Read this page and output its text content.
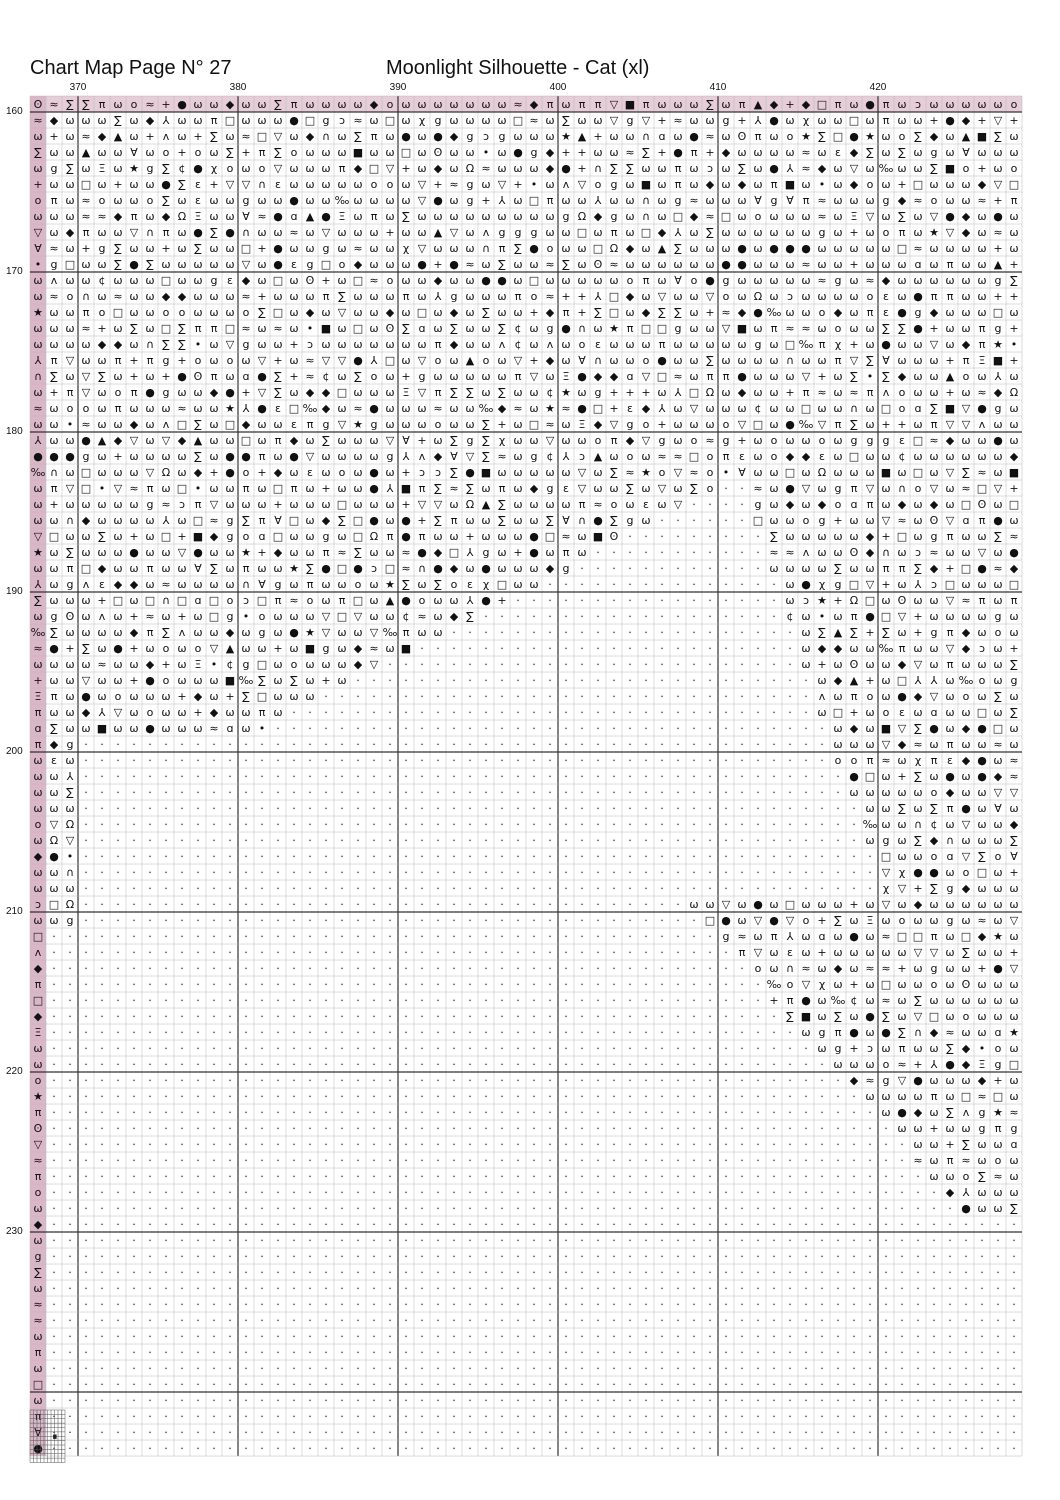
Chart Map Page N° 27	Moonlight Silhouette - Cat (xl)
370	380	390	400	410	420
160
170
180
190
200
210
220
230
ʘ ≈ ∑ ∑ π ω o ≈ + ● ω ω ◆ ω ω ∑ π ω ω ω ω ◆ o ω ω ω ω ω ω ω ≈ ◆ π ω π π ▽ ■ π ω ω ω ∑ ω π ▲ ◆ + ◆ □ π ω ● π ω ↄ ω ω ω ω ω o
≈ ◆ ω ω ω ∑ ω ◆ ⅄ ω ω π □ ω ω ω ● □ g ↄ ≈ ω □ ω χ g ω ω ω ω □ ≈ ω ∑ ω ω ▽ g ▽ + ≈ ω ω g + ⅄ ● ω χ ω ω □ ω π ω ω + ● ◆ + ▽ +
ω + ω ≈ ◆ ▲ ω + ʌ ω + ∑ ω ≈ □ ▽ ω ◆ ∩ ω ∑ π ω ● ω ● ◆ g ↄ g ω ω ω ★ ▲ + ω ω ∩ ɑ ω ● ≈ ω ʘ π ω o ★ ∑ □ ● ★ ω o ∑ ◆ ω ▲ ■ ∑ ω
∑ ω ω ▲ ω ω Ɐ ω o + o ω ∑ + π ∑ o ω ω ω ■ ω ω □ ω ʘ ω ω • ω ● g ◆ + + ω ω ≈ ∑ + ● π + ◆ ω ω ω ω ≈ ω ε ◆ ∑ ω ∑ ω g ω Ɐ ω ω ω
ω g ∑ ω Ξ ω ★ g ∑ ¢ ● χ o ω o ▽ ω ω ω π ◆ □ ▽ + ω ◆ ω Ω ≈ ω ω ω ◆ ● + ∩ ∑ ∑ ω ω π ω ↄ ω ∑ ω ● ⅄ ≈ ◆ ω ▽ ω ‰ ω ω ∑ ■ o + ω o
+ ω ω □ ω + ω ω ● ∑ ε + ▽ ▽ ∩ ε ω ω ω ω ω o o ω ▽ + ≈ g ω ▽ + • ω ʌ ▽ o g ω ■ ω π ω ◆ ω ◆ ω π ■ ω • ω ◆ o ω + □ ω ω ω ◆ ▽ □
o π ω ≈ o ω ω o ∑ ω ε ω ω g ω ω ● ω ω ‰ ω ω ω ω ▽ ● ω g + ⅄ ω □ π ω ω ⅄ ω ω ∩ ω g ≈ ω ω ω Ɐ g Ɐ π ≈ ω ω ω g ◆ ≈ o ω ω ≈ + π
ω ω ω ≈ ≈ ◆ π ω ◆ Ω Ξ ω ω Ɐ ≈ ● ɑ ▲ ● Ξ ω π ω ∑ ω ω ω ω ω ω ω ω ω g Ω ◆ g ω ∩ ω □ ◆ ≈ □ ω o ω ω ω ≈ ω Ξ ▽ ω ∑ ω ▽ ● ◆ ω ● ω
▽ ω ◆ π ω ω ▽ ∩ π ω ● ∑ ● ∩ ω ω ≈ ω ▽ ω ω ω + ω ω ▲ ▽ ω ʌ g g g ω ω □ ω π ω □ ◆ ⅄ ω ∑ ω ω ω ω ω ω g ω + ω o π ω ★ ▽ ◆ ω ≈ ω
Ɐ ≈ ω + g ∑ ω ω + ω ∑ ω ω □ + ● ω ω g ω ≈ ω ω χ ▽ ω ω ω ∩ π ∑ ● o ω ω □ Ω ◆ ω ▲ ∑ ω ω ω ● ω ● ● ● ω ω ω ω ω □ ≈ ω ω ω ω + ω
• g □ ω ω ∑ ● ∑ ω ω ω ω ω ▽ ω ● ε g □ o ◆ ω ω ω ● + ● ≈ ω ∑ ω ω ≈ ∑ ω ʘ ≈ ω ω ω ω ω ω ● ● ω ω ω ≈ ω ω + ω ω ω ɑ ω π ω ω ▲ +
ω ʌ ω ω ¢ ω ω ω □ ω ω g ε ◆ ω □ ω ʘ + ω □ ≈ o ω ω ◆ ω ω ● ● ω □ ω ω ω ω ω o π ω Ɐ o ● g ω ω ω ω ω ≈ g ω ≈ ◆ ω ω ω ω ω ω g ∑
ω ≈ o ∩ ω ≈ ω ω ◆ ◆ ω ω ω ≈ + ω ω ω π ∑ ω ω ω π ω ⅄ g ω ω ω π o ≈ + + ⅄ □ ◆ ω ▽ ω ω ▽ o ω Ω ω ↄ ω ω ω ω o ε ω ● π π ω ω + +
★ ω ω π o □ ω ω o o ω ω ω o ∑ □ ω ◆ ω ▽ ω ω ◆ ω □ ω ◆ ω ∑ ω ω + ◆ π + ∑ □ ω ◆ ∑ ∑ ω + ≈ ◆ ● ‰ ω ω o ◆ ω π ε ● g ◆ ω ω ω □ ω
ω ω ω ≈ + ω ∑ ω □ ∑ π π □ ≈ ω ≈ ω • ■ ω □ ω ʘ ∑ ɑ ω ∑ ω ω ∑ ¢ ω g ● ∩ ω ★ π □ □ g ω ω ▽ ■ ω π ≈ ≈ ω o ω ω ∑ ∑ ● + ω ω π g +
ω ω ω ω ◆ ◆ ω ∩ ∑ ∑ • ω ▽ g ω ω + ↄ ω ω ω ω ω ω ω π ◆ ω ω ʌ ¢ ω ʌ ω o ε ω ω ω π ω ω ω ω ω g ω □ ‰ π χ + ω ● ω ω ▽ ω ◆ π ★ •
⅄ π ▽ ω ω π + π g + o ω o ω ▽ + ω ≈ ▽ ▽ ● ⅄ □ ω ▽ o ω ▲ o ω ▽ + ◆ ω Ɐ ∩ ω ω o ● ω ω ∑ ω ω ω ω ∩ ω ω π ▽ ∑ Ɐ ω ω ω + π Ξ ■ +
∩ ∑ ω ▽ ∑ ω + ω + ● ʘ π ω ɑ ● ∑ + ≈ ¢ ω ∑ o ω + g ω ω ω ω ω π ▽ ω Ξ ● ◆ ◆ ɑ ▽ □ ≈ ω π π ● ω ω ω ▽ + ω ∑ • ∑ ◆ ω ω ▲ o ω ⅄ ω
ω + π ▽ ω o π ● g ω ω ◆ ● + ▽ ∑ ω ◆ ◆ □ ω ω ω Ξ ▽ π ∑ ∑ ω ∑ ω ω ¢ ★ ω g + + + ω ⅄ □ Ω ω ◆ ω ω + π ≈ ω ≈ π ʌ o ω ω + ω ≈ ◆ Ω
≈ ω o o ω π ω ω ω ≈ ω ω ★ ⅄ ● ε □ ‰ ◆ ω ≈ ● ω ω ω ≈ ω ω ‰ ◆ ≈ ω ★ ≈ ● □ + ε ◆ ⅄ ω ▽ ω ω ω ¢ ω ω □ ω ω ∩ ω □ o ɑ ∑ ■ ▽ ● g ω
ω ω • ≈ ω ω ◆ ω ʌ □ ∑ ω □ ◆ ω ω ε π g ▽ ★ g ω ω ω o ω ω ∑ + ω □ ≈ ω Ξ ◆ ▽ g o + ω ω ω o ▽ □ ω ● ‰ ▽ π ∑ ω + + ω π ▽ ▽ ʌ ω ω
⅄ ω ω ● ▲ ◆ ▽ ω ▽ ◆ ▲ ω ω □ ω π ◆ ω ∑ ω ω ω ▽ Ɐ + ω ∑ g ∑ χ ω ω ▽ ω ω o π ◆ ▽ g ω o ≈ g + ω o ω ω o ω g g g ε □ ≈ ◆ ω ω ● ω
● ● ● g ω + ω ω ω ω ∑ ω ● ● π ω ● ▽ ω ω ω ω g ⅄ ʌ ◆ Ɐ ▽ ∑ ≈ ω g ¢ ⅄ ↄ ▲ ω o ω ≈ ≈ □ o π ε ω o ◆ ◆ ε ω □ ω ω ¢ ω ω ω ω ω ω ◆
‰ ∩ ω □ ω ω ω ▽ Ω ω ◆ + ● o + ◆ ω ε ω o ω ● ω + ↄ ↄ ∑ ● ■ ω ω ω ω ω ▽ ω ∑ ≈ ★ o ▽ ≈ o • Ɐ ω ω □ ω Ω ω ω ω ■ ω □ ω ▽ ∑ ≈ ω ■
ω π ▽ □ • ▽ ≈ π ω □ • ω ω π ω □ π ω + ω ω ● ⅄ ■ π ∑ ≈ ∑ ω π ω ◆ g ε ▽ ω ω ∑ ω ▽ ω ∑ o · · ≈ ω ● ▽ ω g π ▽ ω ∩ o ▽ ω ≈ □ ▽ +
ω + ω ω ω ω ω g ≈ ↄ π ▽ ω ω ω + ω ω ω □ ω ω ω + ▽ ▽ ω Ω ▲ ∑ ω ω ω ω π ≈ o ω ε ω ▽ · · · · g ω ◆ ω ◆ o ɑ π ω ◆ ω ◆ ω □ ʘ ω □
ω ω ∩ ◆ ω ω ω ω ⅄ ω □ ≈ g ∑ π Ɐ □ ω ◆ ∑ □ ● ω ● + ∑ π ω ω ∑ ω ω ∑ Ɐ ∩ ● ∑ g ω · · · · · · □ ω ω o g + ω ω ▽ ≈ ω ʘ ▽ ɑ π ● ω
▽ □ ω ω ∑ ω + ω □ + ■ ◆ g o ɑ □ ω ω g ω □ Ω π ● π ω ω + ω ω ω ● □ ≈ ω ■ ʘ · · · · · · · · · ∑ ω ω ω ω ω ◆ + □ ω g π ω ω ∑ ≈
★ ω ∑ ω ω ω ● ω ω ▽ ● ω ω ★ + ◆ ω ω π ≈ ∑ ω ω ≈ ● ◆ □ ⅄ g ω + ● ω π ω · · · · · · · · · · · ≈ ≈ ʌ ω ω ʘ ◆ ∩ ω ↄ ≈ ω ω ▽ ω ●
ω ω π □ ◆ ω ω π ω ω Ɐ ∑ ω π ω ω ★ ∑ ● □ ● ↄ □ ≈ ∩ ● ◆ ω ● ω ω ω ◆ g · · · · · · · · · · · · ω ω ω ω ∑ ω ω π π ∑ ◆ + □ ● ≈ ◆
⅄ ω g ʌ ε ◆ ◆ ω ≈ ω ω ω ω ∩ Ɐ g ω π ω ω o ω ★ ∑ ω ∑ o ε χ □ ω ω · · · · · · · · · · · · · · · ω ● χ g □ ▽ + ω ⅄ ↄ □ ω ω ω □
∑ ω ω ω + □ ω □ ∩ □ ɑ □ o ↄ □ π ≈ o ω π □ ω ▲ ● o ω ω ⅄ ● + · · · · · · · · · · · · · · · · · ω ↄ ★ + Ω □ ω ʘ ω ω ▽ ≈ π ω π
ω g ʘ ω ʌ ω + ≈ ω + ω □ g • o ω ω ω ▽ □ ▽ ω ω ¢ ≈ ω ◆ ∑ · · · · · · · · · · · · · · · · · · · ¢ ω • ω π ● □ ▽ + ω ω ω ω g ω
‰ ∑ ω ω ω ω ◆ π ∑ ʌ ω ω ◆ ω g ω ● ★ ▽ ω ω ▽ ‰ π ω ω · · · · · · · · · · · · · · · · · · · · · · ω ∑ ▲ ∑ + ∑ ω + g π ◆ ω o ω
≈ ● + ∑ ω ● + ω o ω o ▽ ▲ ω ω + ω ■ g ω ◆ ≈ ω ■ · · · · · · · · · · · · · · · · · · · · · · · · ω ◆ ◆ ω ω ‰ π ω ω ▽ ◆ ↄ ω +
ω ω ω ω ≈ ω ω ◆ + ω Ξ • ¢ g □ ω o ω ω ω ◆ ▽ · · · · · · · · · · · · · · · · · · · · · · · · · · ω + ω ʘ ω ω ◆ ▽ ω π ω ω ω ∑
+ ω ω ▽ ω ω + ● o ω ω ω ■ ‰ ∑ ω ∑ ω + ω · · · · · · · · · · · · · · · · · · · · · · · · · · · · · ω ◆ ▲ + ω □ ⅄ ⅄ ω ‰ o ω g
Ξ π ω ● ω o ω ω ω + ◆ ω + ∑ □ ω ω ω · · · · · · · · · · · · · · · · · · · · · · · · · · · · · · · ʌ ω π o ω ● ◆ ▽ ω o ω ∑ ω
π ω ω ◆ ⅄ ▽ ω o ω ω + ◆ ω ω π ω · · · · · · · · · · · · · · · · · · · · · · · · · · · · · · · · · ω □ + ω o ε ω ɑ ω ω □ ω ∑
ɑ ∑ ω ω ■ ω ω ● ω ω ω ≈ ɑ ω • · · · · · · · · · · · · · · · · · · · · · · · · · · · · · · · · · · · ω ◆ ω ■ ▽ ∑ ● ω ◆ ● □ ω
π ◆ g · · · · · · · · · · · · · · · · · · · · · · · · · · · · · · · · · · · · · · · · · · · · · · · ω ω ω ▽ ◆ ≈ ω π ω ω ≈ ω
ω ε ω · · · · · · · · · · · · · · · · · · · · · · · · · · · · · · · · · · · · · · · · · · · · · · · o o π ≈ ω χ π ε ◆ ● ω ≈
ω ω ⅄ · · · · · · · · · · · · · · · · · · · · · · · · · · · · · · · · · · · · · · · · · · · · · · · · ● □ ω + ∑ ω ● ω ● ◆ ≈
ω ω ∑ · · · · · · · · · · · · · · · · · · · · · · · · · · · · · · · · · · · · · · · · · · · · · · · · ω ω ω ω ω o ◆ ω ω ▽ ▽
ω ω ω · · · · · · · · · · · · · · · · · · · · · · · · · · · · · · · · · · · · · · · · · · · · · · · · · ω ω ∑ ω ∑ π ● ω Ɐ ω
o ▽ Ω · · · · · · · · · · · · · · · · · · · · · · · · · · · · · · · · · · · · · · · · · · · · · · · · · ‰ ω ω ∩ ¢ ω ▽ ω ω ◆
ω Ω ▽ · · · · · · · · · · · · · · · · · · · · · · · · · · · · · · · · · · · · · · · · · · · · · · · · · ω g ω ∑ ◆ ∩ ω ω ω ∑
◆ ● • · · · · · · · · · · · · · · · · · · · · · · · · · · · · · · · · · · · · · · · · · · · · · · · · · · □ ω ω o ɑ ▽ ∑ o Ɐ
ω ω ∩ · · · · · · · · · · · · · · · · · · · · · · · · · · · · · · · · · · · · · · · · · · · · · · · · · · ▽ χ ● ● ω o □ ω +
ω ω ω · · · · · · · · · · · · · · · · · · · · · · · · · · · · · · · · · · · · · · · · · · · · · · · · · · χ ▽ + ∑ g ◆ ω ω ω
ↄ □ Ω · · · · · · · · · · · · · · · · · · · · · · · · · · · · · · · · · · · · · · ω ω ▽ ω ● ω □ ω ω ω + ω ▽ ω ◆ ω ω ω ω ω ω
ω ω g · · · · · · · · · · · · · · · · · · · · · · · · · · · · · · · · · · · · · · · □ ● ω ▽ ● ▽ o + ∑ ω Ξ ω o ω ω g ω ≈ ω ▽
□ · · · · · · · · · · · · · · · · · · · · · · · · · · · · · · · · · · · · · · · · · · g ≈ ω π ⅄ ω ɑ ω ● ω ≈ □ □ π ω □ ◆ ★ ω
ʌ · · · · · · · · · · · · · · · · · · · · · · · · · · · · · · · · · · · · · · · · · · · π ▽ ω ε ω + ω ω ω ω ω ▽ ▽ ω ∑ ω ω +
◆ · · · · · · · · · · · · · · · · · · · · · · · · · · · · · · · · · · · · · · · · · · · · o ω ∩ ≈ ω ◆ ω ≈ ≈ + ω g ω ω + ● ▽
π · · · · · · · · · · · · · · · · · · · · · · · · · · · · · · · · · · · · · · · · · · · · · ‰ o ▽ χ ω + ω □ ω ω o ω ʘ ω ω ω
□ · · · · · · · · · · · · · · · · · · · · · · · · · · · · · · · · · · · · · · · · · · · · · + π ● ω ‰ ¢ ω ≈ ω ∑ ω ω ω ω ω ω
◆ · · · · · · · · · · · · · · · · · · · · · · · · · · · · · · · · · · · · · · · · · · · · · · ∑ ■ ω ∑ ω ● ∑ ω ▽ □ ω o ω ω ω
Ξ · · · · · · · · · · · · · · · · · · · · · · · · · · · · · · · · · · · · · · · · · · · · · · · ω g π ● ω ● ∑ ∩ ◆ ≈ ω ω ɑ ★
ω · · · · · · · · · · · · · · · · · · · · · · · · · · · · · · · · · · · · · · · · · · · · · · · · ω g + ↄ ω π ω ω ∑ ◆ • o ω
ω · · · · · · · · · · · · · · · · · · · · · · · · · · · · · · · · · · · · · · · · · · · · · · · · · ω ω ω o ≈ + ⅄ ● ◆ Ξ g □
o · · · · · · · · · · · · · · · · · · · · · · · · · · · · · · · · · · · · · · · · · · · · · · · · · · ◆ ≈ g ▽ ● ω ω ω ◆ + ω
★ · · · · · · · · · · · · · · · · · · · · · · · · · · · · · · · · · · · · · · · · · · · · · · · · · · · ω ω ω ω π ω □ ≈ □ ω
π · · · · · · · · · · · · · · · · · · · · · · · · · · · · · · · · · · · · · · · · · · · · · · · · · · · · ω ● ◆ ω ∑ ʌ g ★ ≈
ʘ · · · · · · · · · · · · · · · · · · · · · · · · · · · · · · · · · · · · · · · · · · · · · · · · · · · · · ω ω + ω ω g π g
▽ · · · · · · · · · · · · · · · · · · · · · · · · · · · · · · · · · · · · · · · · · · · · · · · · · · · · · · ω ω + ∑ ω ω ɑ
≈ · · · · · · · · · · · · · · · · · · · · · · · · · · · · · · · · · · · · · · · · · · · · · · · · · · · · · · ≈ ω π ≈ ω o ω
π · · · · · · · · · · · · · · · · · · · · · · · · · · · · · · · · · · · · · · · · · · · · · · · · · · · · · · · ω ω o ∑ ≈ ω
o · · · · · · · · · · · · · · · · · · · · · · · · · · · · · · · · · · · · · · · · · · · · · · · · · · · · · · · · ◆ ⅄ ω ω ω
ω · · · · · · · · · · · · · · · · · · · · · · · · · · · · · · · · · · · · · · · · · · · · · · · · · · · · · · · · · ● ω ω ∑
◆ · · · · · · · · · · · · · · · · · · · · · · · · · · · · · · · · · · · · · · · · · · · · · · · · · · · · · · · · · · · · ·
ω · · · · · · · · · · · · · · · · · · · · · · · · · · · · · · · · · · · · · · · · · · · · · · · · · · · · · · · · · · · · ·
g · · · · · · · · · · · · · · · · · · · · · · · · · · · · · · · · · · · · · · · · · · · · · · · · · · · · · · · · · · · · ·
∑ · · · · · · · · · · · · · · · · · · · · · · · · · · · · · · · · · · · · · · · · · · · · · · · · · · · · · · · · · · · · ·
ω · · · · · · · · · · · · · · · · · · · · · · · · · · · · · · · · · · · · · · · · · · · · · · · · · · · · · · · · · · · · ·
≈ · · · · · · · · · · · · · · · · · · · · · · · · · · · · · · · · · · · · · · · · · · · · · · · · · · · · · · · · · · · · ·
≈ · · · · · · · · · · · · · · · · · · · · · · · · · · · · · · · · · · · · · · · · · · · · · · · · · · · · · · · · · · · · ·
ω · · · · · · · · · · · · · · · · · · · · · · · · · · · · · · · · · · · · · · · · · · · · · · · · · · · · · · · · · · · · ·
π · · · · · · · · · · · · · · · · · · · · · · · · · · · · · · · · · · · · · · · · · · · · · · · · · · · · · · · · · · · · ·
ω · · · · · · · · · · · · · · · · · · · · · · · · · · · · · · · · · · · · · · · · · · · · · · · · · · · · · · · · · · · · ·
□ · · · · · · · · · · · · · · · · · · · · · · · · · · · · · · · · · · · · · · · · · · · · · · · · · · · · · · · · · · · · ·
ω · · · · · · · · · · · · · · · · · · · · · · · · · · · · · · · · · · · · · · · · · · · · · · · · · · · · · · · · · · · · ·
π · · · · · · · · · · · · · · · · · · · · · · · · · · · · · · · · · · · · · · · · · · · · · · · · · · · · · · · · · · · · ·
Ɐ · · · · · · · · · · · · · · · · · · · · · · · · · · · · · · · · · · · · · · · · · · · · · · · · · · · · · · · · · · · · ·
● · · · · · · · · · · · · · · · · · · · · · · · · · · · · · · · · · · · · · · · · · · · · · · · · · · · · · · · · · · · · ·
